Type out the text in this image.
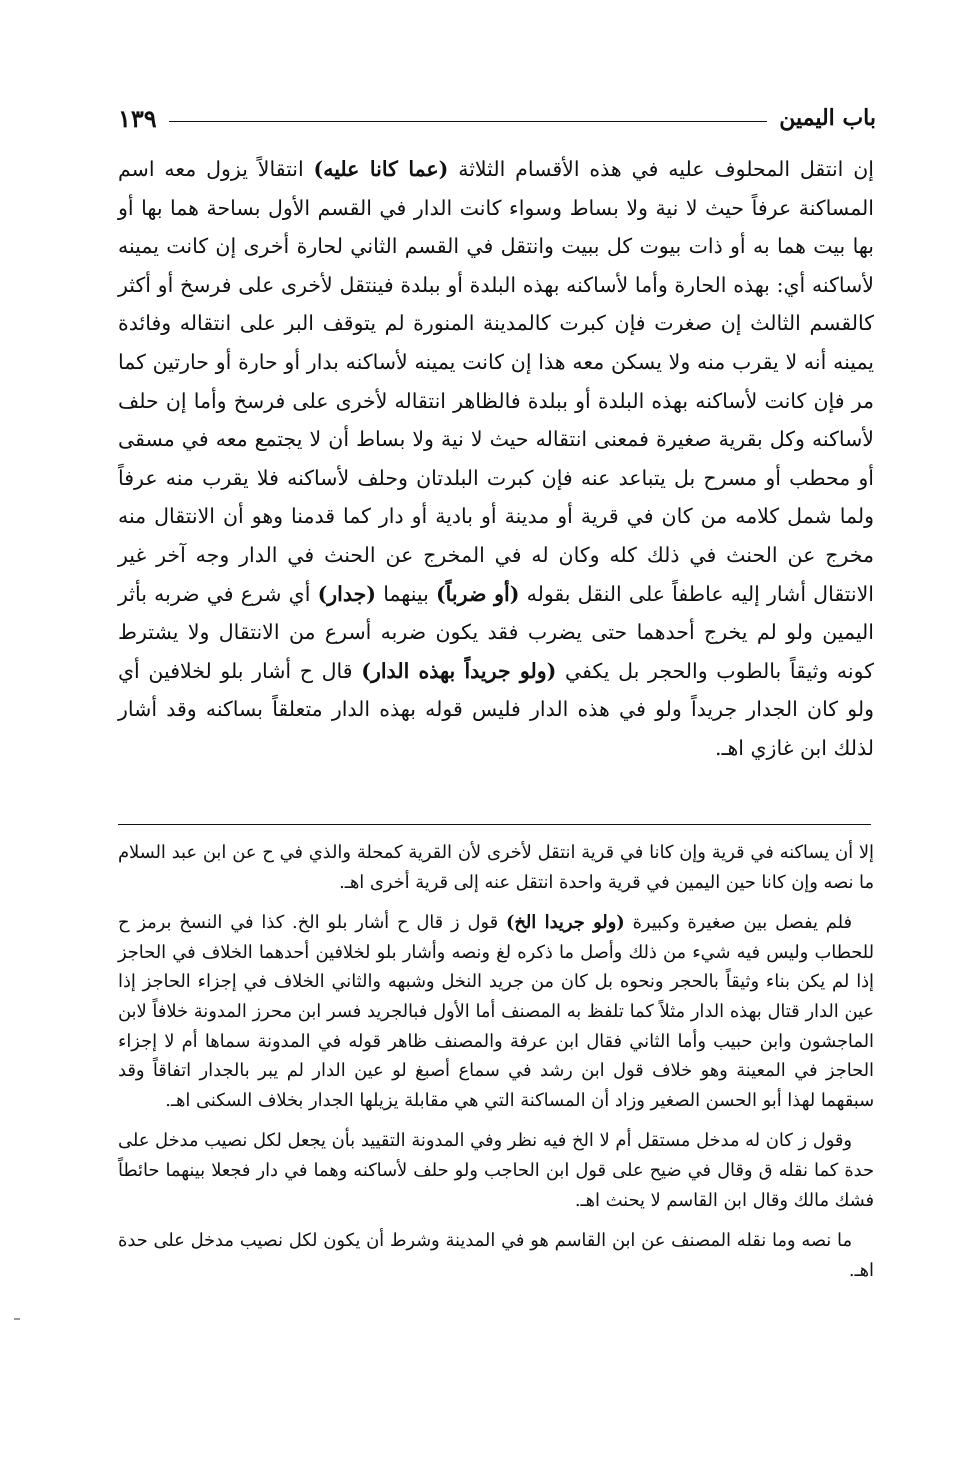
باب اليمين
١٣٩

إن انتقل المحلوف عليه في هذه الأقسام الثلاثة (عما كانا عليه) انتقالاً يزول معه اسم المساكنة عرفاً حيث لا نية ولا بساط وسواء كانت الدار في القسم الأول بساحة هما بها أو بها بيت هما به أو ذات بيوت كل ببيت وانتقل في القسم الثاني لحارة أخرى إن كانت يمينه لأساكنه أي: بهذه الحارة وأما لأساكنه بهذه البلدة أو ببلدة فينتقل لأخرى على فرسخ أو أكثر كالقسم الثالث إن صغرت فإن كبرت كالمدينة المنورة لم يتوقف البر على انتقاله وفائدة يمينه أنه لا يقرب منه ولا يسكن معه هذا إن كانت يمينه لأساكنه بدار أو حارة أو حارتين كما مر فإن كانت لأساكنه بهذه البلدة أو ببلدة فالظاهر انتقاله لأخرى على فرسخ وأما إن حلف لأساكنه وكل بقرية صغيرة فمعنى انتقاله حيث لا نية ولا بساط أن لا يجتمع معه في مسقى أو محطب أو مسرح بل يتباعد عنه فإن كبرت البلدتان وحلف لأساكنه فلا يقرب منه عرفاً ولما شمل كلامه من كان في قرية أو مدينة أو بادية أو دار كما قدمنا وهو أن الانتقال منه مخرج عن الحنث في ذلك كله وكان له في المخرج عن الحنث في الدار وجه آخر غير الانتقال أشار إليه عاطفاً على النقل بقوله (أو ضرباً) بينهما (جدار) أي شرع في ضربه بأثر اليمين ولو لم يخرج أحدهما حتى يضرب فقد يكون ضربه أسرع من الانتقال ولا يشترط كونه وثيقاً بالطوب والحجر بل يكفي (ولو جريداً بهذه الدار) قال ح أشار بلو لخلافين أي ولو كان الجدار جريداً ولو في هذه الدار فليس قوله بهذه الدار متعلقاً بساكنه وقد أشار لذلك ابن غازي اهـ.

إلا أن يساكنه في قرية وإن كانا في قرية انتقل لأخرى لأن القرية كمحلة والذي في ح عن ابن عبد السلام ما نصه وإن كانا حين اليمين في قرية واحدة انتقل عنه إلى قرية أخرى اهـ.

فلم يفصل بين صغيرة وكبيرة (ولو جريدا الخ) قول ز قال ح أشار بلو الخ. كذا في النسخ برمز ح للحطاب وليس فيه شيء من ذلك وأصل ما ذكره لغ ونصه وأشار بلو لخلافين أحدهما الخلاف في الحاجز إذا لم يكن بناء وثيقاً بالحجر ونحوه بل كان من جريد النخل وشبهه والثاني الخلاف في إجزاء الحاجز إذا عين الدار قتال بهذه الدار مثلاً كما تلفظ به المصنف أما الأول فبالجريد فسر ابن محرز المدونة خلافاً لابن الماجشون وابن حبيب وأما الثاني فقال ابن عرفة والمصنف ظاهر قوله في المدونة سماها أم لا إجزاء الحاجز في المعينة وهو خلاف قول ابن رشد في سماع أصبغ لو عين الدار لم يبر بالجدار اتفاقاً وقد سبقهما لهذا أبو الحسن الصغير وزاد أن المساكنة التي هي مقابلة يزيلها الجدار بخلاف السكنى اهـ.

وقول ز كان له مدخل مستقل أم لا الخ فيه نظر وفي المدونة التقييد بأن يجعل لكل نصيب مدخل على حدة كما نقله ق وقال في ضيح على قول ابن الحاجب ولو حلف لأساكنه وهما في دار فجعلا بينهما حائطاً فشك مالك وقال ابن القاسم لا يحنث اهـ.

ما نصه وما نقله المصنف عن ابن القاسم هو في المدينة وشرط أن يكون لكل نصيب مدخل على حدة اهـ.
